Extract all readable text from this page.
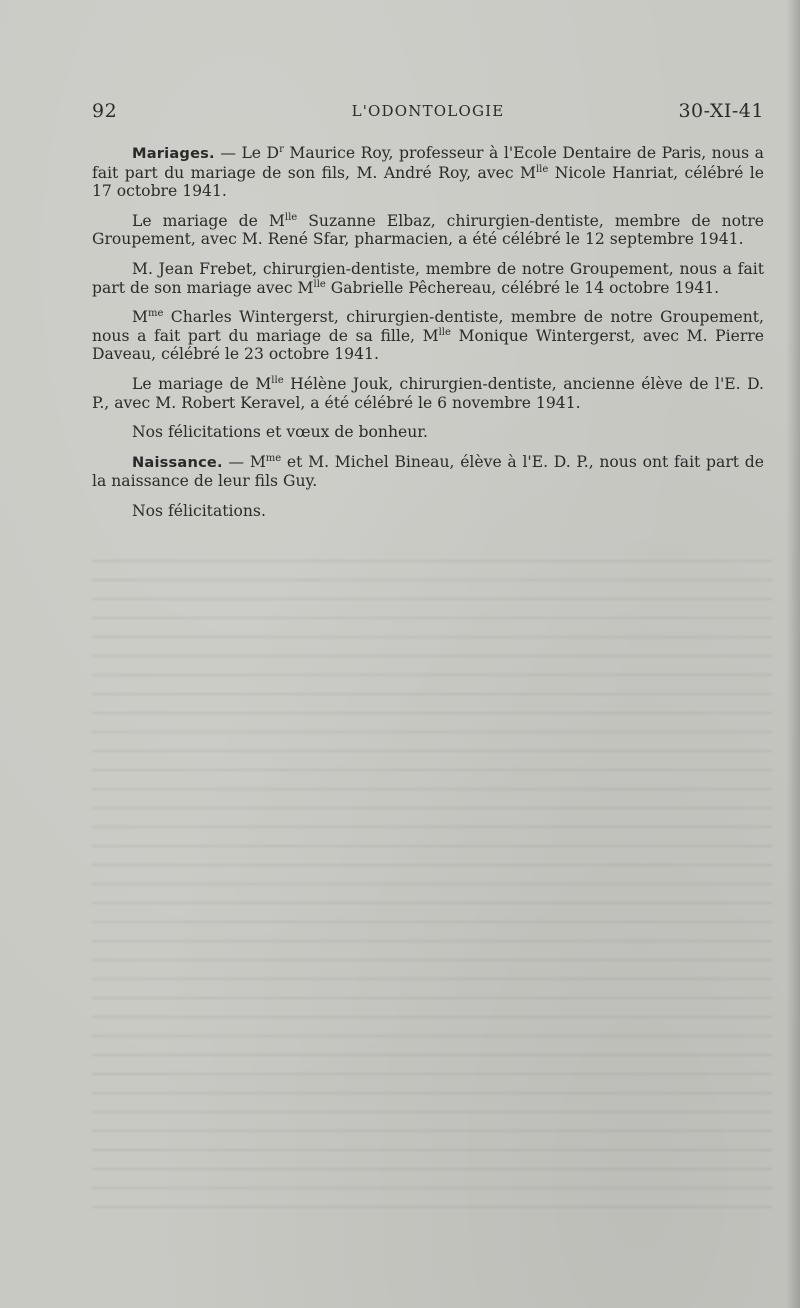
92	L'ODONTOLOGIE	30-XI-41

Mariages. — Le $D^r$ Maurice Roy, professeur à l'Ecole Dentaire de Paris, nous a fait part du mariage de son fils, M. André Roy, avec $M^{lle}$ Nicole Hanriat, célébré le 17 octobre 1941.

Le mariage de $M^{lle}$ Suzanne Elbaz, chirurgien-dentiste, membre de notre Groupement, avec M. René Sfar, pharmacien, a été célébré le 12 septembre 1941.

M. Jean Frebet, chirurgien-dentiste, membre de notre Groupement, nous a fait part de son mariage avec $M^{lle}$ Gabrielle Pêchereau, célébré le 14 octobre 1941.

$M^{me}$ Charles Wintergerst, chirurgien-dentiste, membre de notre Groupement, nous a fait part du mariage de sa fille, $M^{lle}$ Monique Wintergerst, avec M. Pierre Daveau, célébré le 23 octobre 1941.

Le mariage de $M^{lle}$ Hélène Jouk, chirurgien-dentiste, ancienne élève de l'E. D. P., avec M. Robert Keravel, a été célébré le 6 novembre 1941.

Nos félicitations et vœux de bonheur.

Naissance. — $M^{me}$ et M. Michel Bineau, élève à l'E. D. P., nous ont fait part de la naissance de leur fils Guy.

Nos félicitations.
